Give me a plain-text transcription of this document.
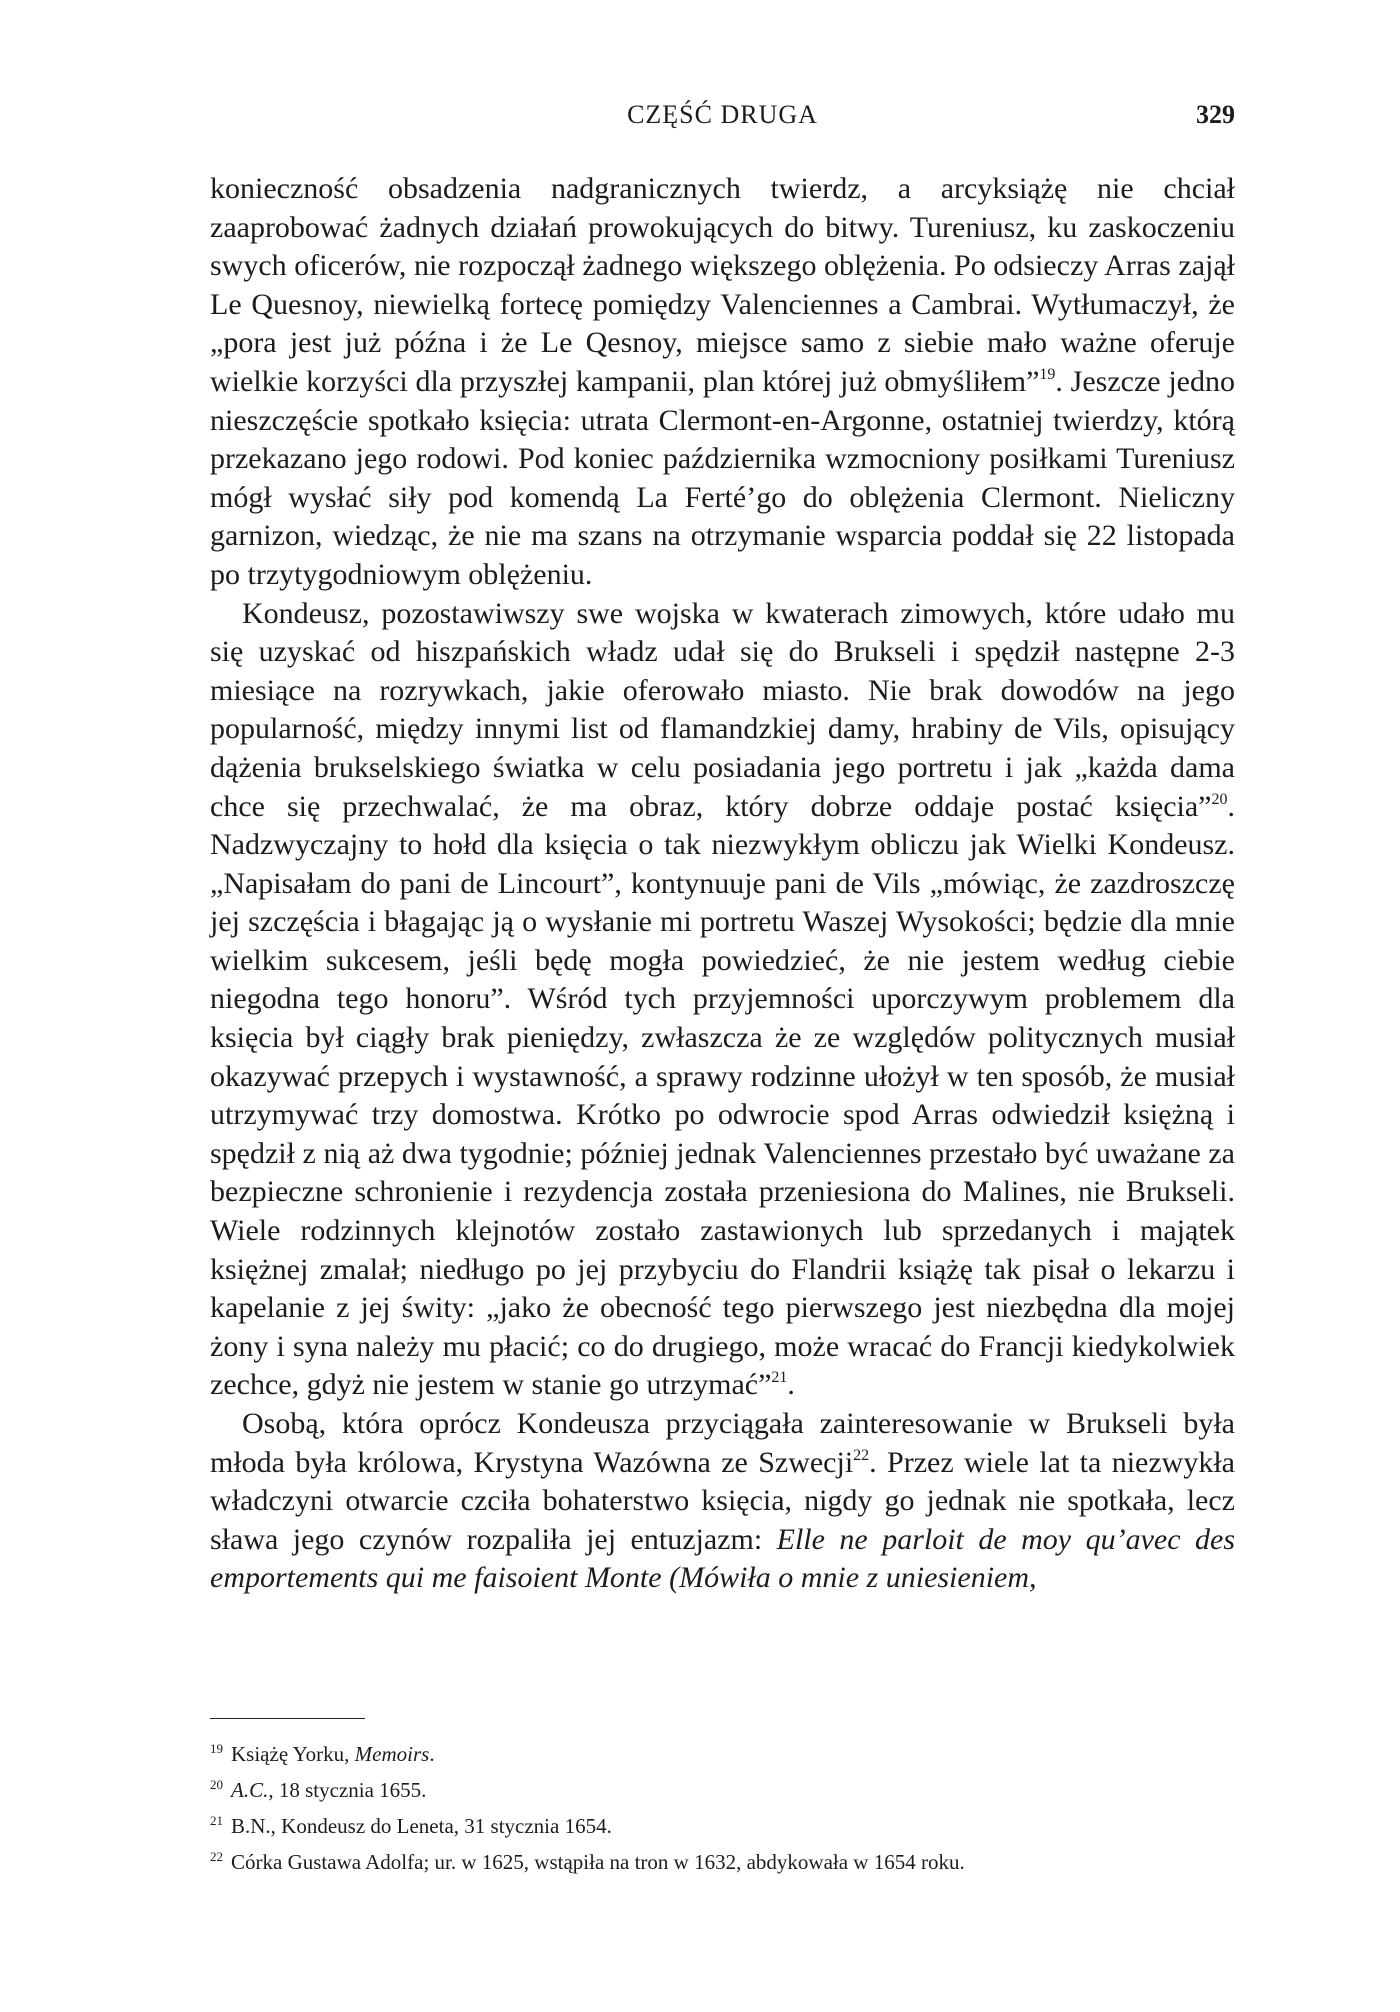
CZĘŚĆ DRUGA	329

konieczność obsadzenia nadgranicznych twierdz, a arcyksiążę nie chciał zaaprobować żadnych działań prowokujących do bitwy. Tureniusz, ku zaskoczeniu swych oficerów, nie rozpoczął żadnego większego oblężenia. Po odsieczy Arras zajął Le Quesnoy, niewielką fortecę pomiędzy Valenciennes a Cambrai. Wytłumaczył, że „pora jest już późna i że Le Qesnoy, miejsce samo z siebie mało ważne oferuje wielkie korzyści dla przyszłej kampanii, plan której już obmyśliłem”$^{19}$. Jeszcze jedno nieszczęście spotkało księcia: utrata Clermont-en-Argonne, ostatniej twierdzy, którą przekazano jego rodowi. Pod koniec października wzmocniony posiłkami Tureniusz mógł wysłać siły pod komendą La Ferté’go do oblężenia Clermont. Nieliczny garnizon, wiedząc, że nie ma szans na otrzymanie wsparcia poddał się 22 listopada po trzytygodniowym oblężeniu.

Kondeusz, pozostawiwszy swe wojska w kwaterach zimowych, które udało mu się uzyskać od hiszpańskich władz udał się do Brukseli i spędził następne 2-3 miesiące na rozrywkach, jakie oferowało miasto. Nie brak dowodów na jego popularność, między innymi list od flamandzkiej damy, hrabiny de Vils, opisujący dążenia brukselskiego światka w celu posiadania jego portretu i jak „każda dama chce się przechwalać, że ma obraz, który dobrze oddaje postać księcia”$^{20}$. Nadzwyczajny to hołd dla księcia o tak niezwykłym obliczu jak Wielki Kondeusz. „Napisałam do pani de Lincourt”, kontynuuje pani de Vils „mówiąc, że zazdroszczę jej szczęścia i błagając ją o wysłanie mi portretu Waszej Wysokości; będzie dla mnie wielkim sukcesem, jeśli będę mogła powiedzieć, że nie jestem według ciebie niegodna tego honoru”. Wśród tych przyjemności uporczywym problemem dla księcia był ciągły brak pieniędzy, zwłaszcza że ze względów politycznych musiał okazywać przepych i wystawność, a sprawy rodzinne ułożył w ten sposób, że musiał utrzymywać trzy domostwa. Krótko po odwrocie spod Arras odwiedził księżną i spędził z nią aż dwa tygodnie; później jednak Valenciennes przestało być uważane za bezpieczne schronienie i rezydencja została przeniesiona do Malines, nie Brukseli. Wiele rodzinnych klejnotów zostało zastawionych lub sprzedanych i majątek księżnej zmalał; niedługo po jej przybyciu do Flandrii książę tak pisał o lekarzu i kapelanie z jej świty: „jako że obecność tego pierwszego jest niezbędna dla mojej żony i syna należy mu płacić; co do drugiego, może wracać do Francji kiedykolwiek zechce, gdyż nie jestem w stanie go utrzymać”$^{21}$.

Osobą, która oprócz Kondeusza przyciągała zainteresowanie w Brukseli była młoda była królowa, Krystyna Wazówna ze Szwecji$^{22}$. Przez wiele lat ta niezwykła władczyni otwarcie czciła bohaterstwo księcia, nigdy go jednak nie spotkała, lecz sława jego czynów rozpaliła jej entuzjazm: Elle ne parloit de moy qu’avec des emportements qui me faisoient Monte (Mówiła o mnie z uniesieniem,

$^{19}$ Książę Yorku, Memoirs.
$^{20}$ A.C., 18 stycznia 1655.
$^{21}$ B.N., Kondeusz do Leneta, 31 stycznia 1654.
$^{22}$ Córka Gustawa Adolfa; ur. w 1625, wstąpiła na tron w 1632, abdykowała w 1654 roku.
